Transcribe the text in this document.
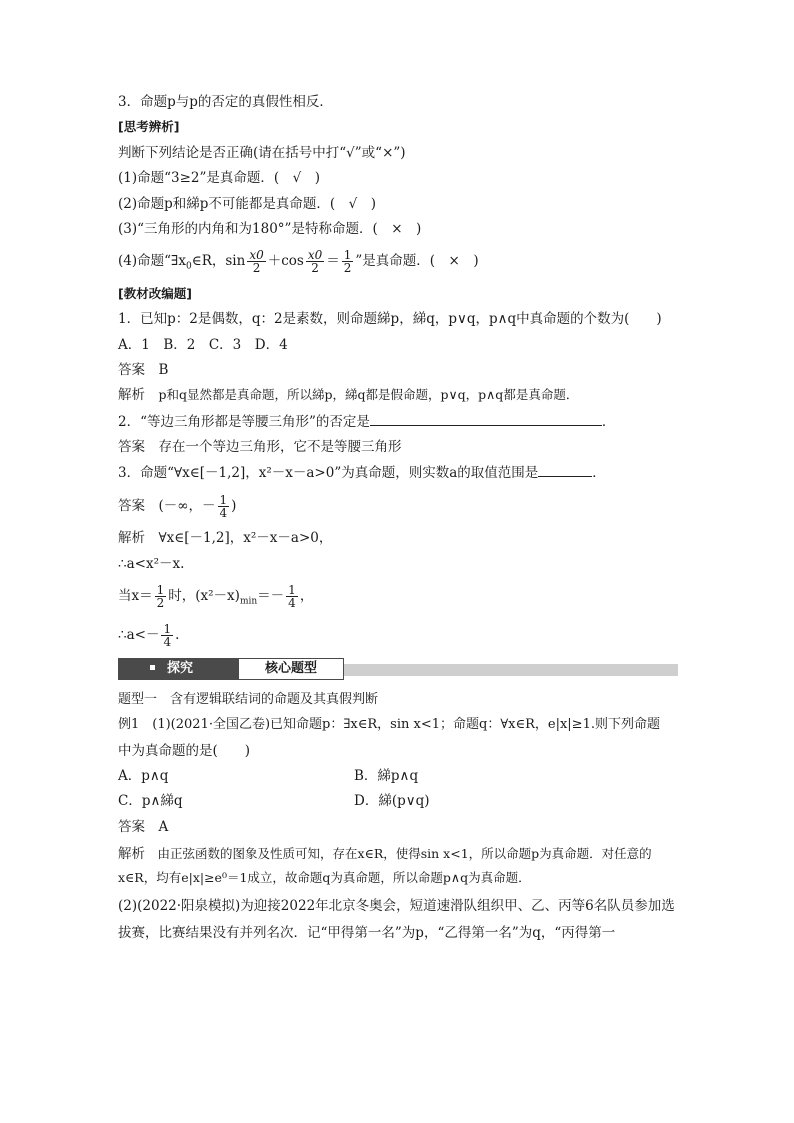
3．命题p与p的否定的真假性相反．
[思考辨析]
判断下列结论是否正确(请在括号中打“√”或“×”)
(1)命题“3≥2”是真命题．(　√　)
(2)命题p和綈p不可能都是真命题．(　√　)
(3)“三角形的内角和为180°”是特称命题．(　×　)
(4)命题“$\exists x_0\in R$，$\sin \frac{x0}{2} +\cos \frac{x0}{2} = \frac{1}{2}$ ”是真命题．(　×　)
[教材改编题]
1．已知p：2是偶数，q：2是素数，则命题綈p，綈q，p∨q，p∧q中真命题的个数为(　　)
A．1　B．2　C．3　D．4
答案　 B
解析　 p和q显然都是真命题，所以綈p，綈q都是假命题，p∨q，p∧q都是真命题．
2．“等边三角形都是等腰三角形”的否定是	．
答案　 存在一个等边三角形，它不是等腰三角形
3．命题“∀x∈[－1,2]，x²－x－a>0”为真命题，则实数a的取值范围是	．
答案　 (－∞，－ $\frac{1}{4}$ )
解析　 ∀x∈[－1,2]，x²－x－a>0，
∴a<x²－x.
当$x= \frac{1}{2}$ 时，$(x^2-x)_{min}=- \frac{1}{4}$ ，
∴a<－ $\frac{1}{4}$ .
探究	核心题型
题型一　含有逻辑联结词的命题及其真假判断
例1　(1)(2021·全国乙卷)已知命题p：∃x∈R，sin x<1；命题q：∀x∈R，e|x|≥1.则下列命题
中为真命题的是(　　)
A．p∧q	B．綈p∧q
C．p∧綈q	D．綈(p∨q)
答案　 A
解析　 由正弦函数的图象及性质可知，存在x∈R，使得sin x<1，所以命题p为真命题．对任意的x∈R，均有e|x|≥e⁰＝1成立，故命题q为真命题，所以命题p∧q为真命题．
(2)(2022·阳泉模拟)为迎接2022年北京冬奥会，短道速滑队组织甲、乙、丙等6名队员参加选拔赛，比赛结果没有并列名次．记“甲得第一名”为p，“乙得第一名”为q，“丙得第一
